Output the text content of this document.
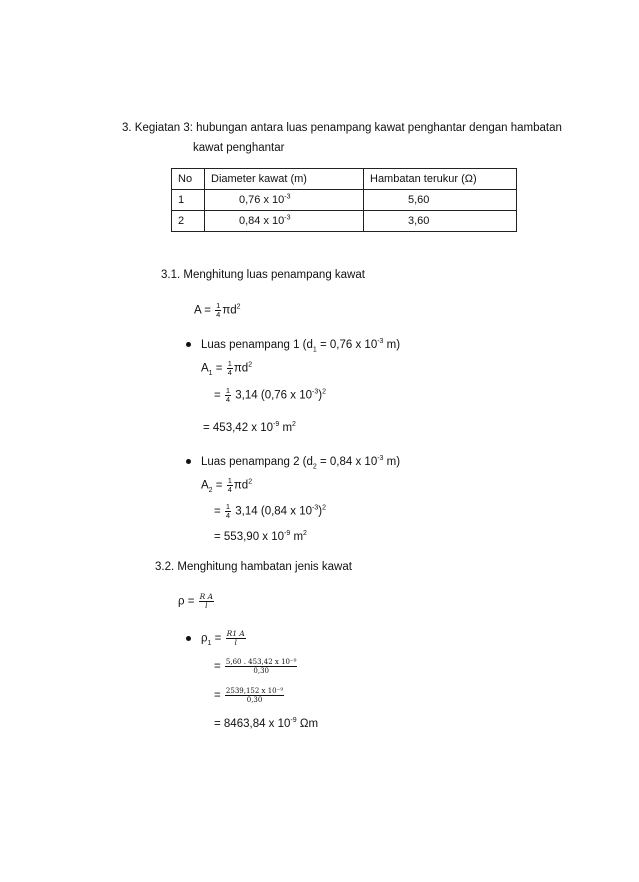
3. Kegiatan 3: hubungan antara luas penampang kawat penghantar dengan hambatan
kawat penghantar
No	Diameter kawat (m)	Hambatan terukur (Ω)
1	0,76 x $10^{-3}$	5,60
2	0,84 x $10^{-3}$	3,60
3.1. Menghitung luas penampang kawat
$A = \frac{1}{4} \pi d^2$
Luas penampang 1 ($d_1 = 0,76$ x $10^{-3}$ m)
$A_1 = \frac{1}{4} \pi d^2$
= $\frac{1}{4} 3,14$ (0,76 x $10^{-3})^2$
= 453,42 x $10^{-9}$ $m^2$
Luas penampang 2 ($d_2 = 0,84$ x $10^{-3}$ m)
$A_2 = \frac{1}{4} \pi d^2$
= $\frac{1}{4} 3,14$ (0,84 x $10^{-3})^2$
= 553,90 x $10^{-9}$ $m^2$
3.2. Menghitung hambatan jenis kawat
$\rho = \frac{\text{R A}}{l}$
$\rho_1 = \frac{R1 A}{l}$
= $\frac{\text{5,60 . 453,42 x 10⁻⁹}}{0,30}$
= $\frac{\text{2539,152 x 10⁻⁹}}{0,30}$
= 8463,84 x $10^{-9}$ Ωm
